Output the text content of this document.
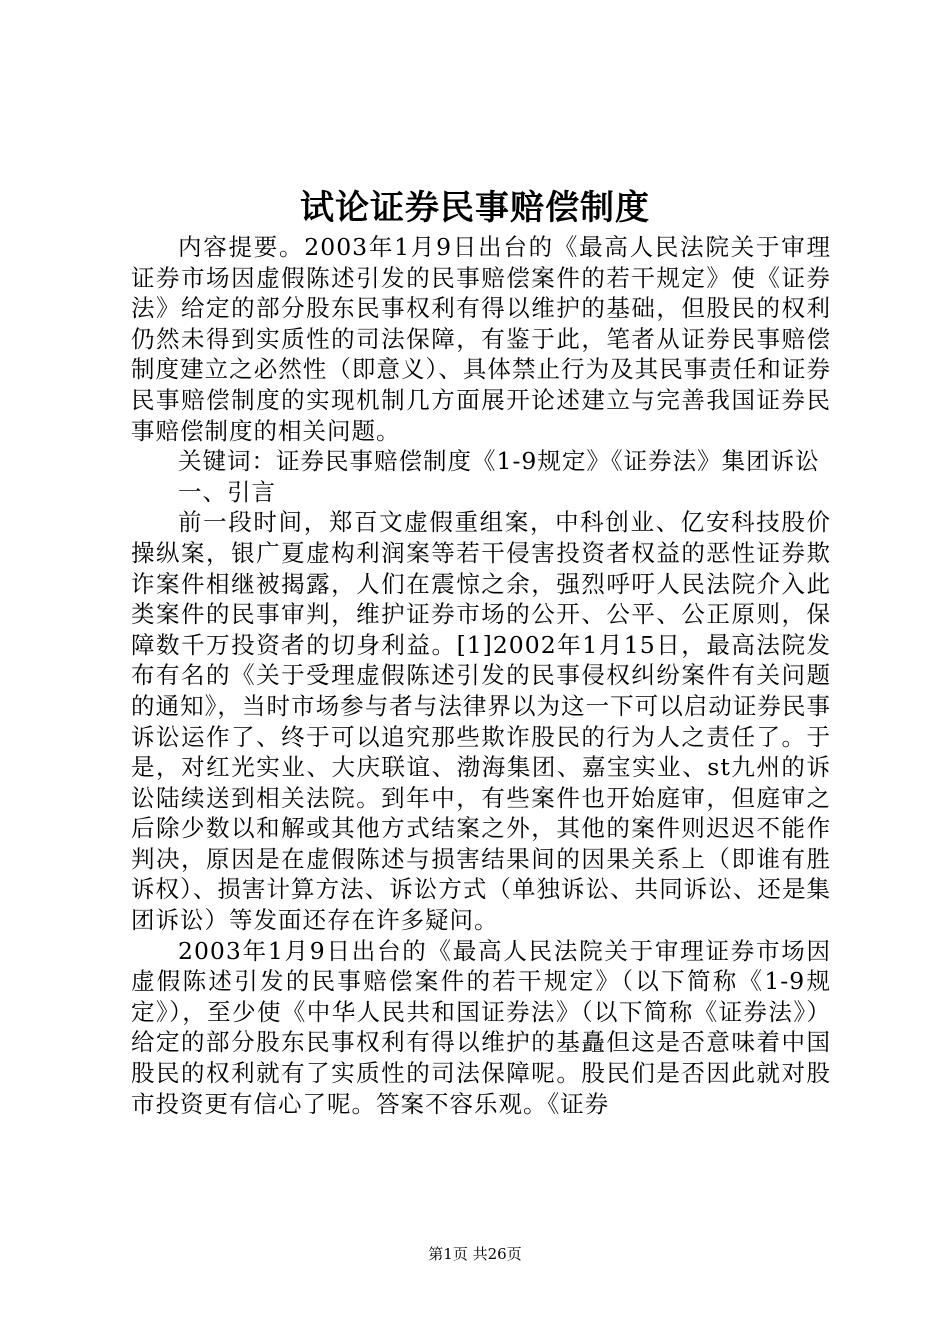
试论证券民事赔偿制度

内容提要。2003年1月9日出台的《最高人民法院关于审理证券市场因虚假陈述引发的民事赔偿案件的若干规定》使《证券法》给定的部分股东民事权利有得以维护的基础，但股民的权利仍然未得到实质性的司法保障，有鉴于此，笔者从证券民事赔偿制度建立之必然性（即意义）、具体禁止行为及其民事责任和证券民事赔偿制度的实现机制几方面展开论述建立与完善我国证券民事赔偿制度的相关问题。

关键词：证券民事赔偿制度《1-9规定》《证券法》集团诉讼

一、引言

前一段时间，郑百文虚假重组案，中科创业、亿安科技股价操纵案，银广夏虚构利润案等若干侵害投资者权益的恶性证券欺诈案件相继被揭露，人们在震惊之余，强烈呼吁人民法院介入此类案件的民事审判，维护证券市场的公开、公平、公正原则，保障数千万投资者的切身利益。[1]2002年1月15日，最高法院发布有名的《关于受理虚假陈述引发的民事侵权纠纷案件有关问题的通知》，当时市场参与者与法律界以为这一下可以启动证券民事诉讼运作了、终于可以追究那些欺诈股民的行为人之责任了。于是，对红光实业、大庆联谊、渤海集团、嘉宝实业、st九州的诉讼陆续送到相关法院。到年中，有些案件也开始庭审，但庭审之后除少数以和解或其他方式结案之外，其他的案件则迟迟不能作判决，原因是在虚假陈述与损害结果间的因果关系上（即谁有胜诉权）、损害计算方法、诉讼方式（单独诉讼、共同诉讼、还是集团诉讼）等发面还存在许多疑问。

2003年1月9日出台的《最高人民法院关于审理证券市场因虚假陈述引发的民事赔偿案件的若干规定》（以下简称《1-9规定》），至少使《中华人民共和国证券法》（以下简称《证券法》）给定的部分股东民事权利有得以维护的基矗但这是否意味着中国股民的权利就有了实质性的司法保障呢。股民们是否因此就对股市投资更有信心了呢。答案不容乐观。《证券

第1页 共26页
